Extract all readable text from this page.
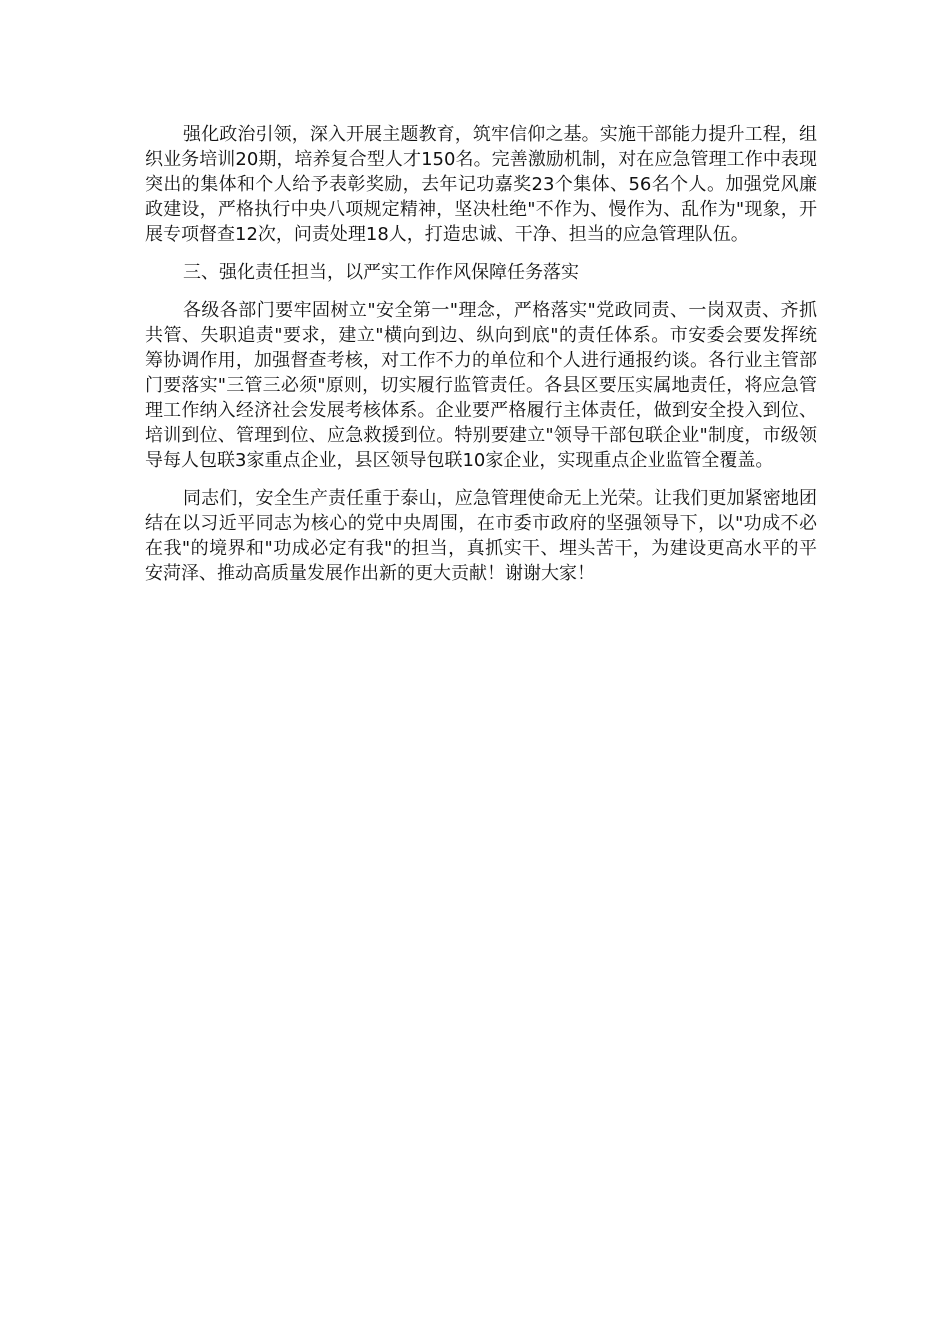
强化政治引领，深入开展主题教育，筑牢信仰之基。实施干部能力提升工程，组织业务培训20期，培养复合型人才150名。完善激励机制，对在应急管理工作中表现突出的集体和个人给予表彰奖励，去年记功嘉奖23个集体、56名个人。加强党风廉政建设，严格执行中央八项规定精神，坚决杜绝"不作为、慢作为、乱作为"现象，开展专项督查12次，问责处理18人，打造忠诚、干净、担当的应急管理队伍。

三、强化责任担当，以严实工作作风保障任务落实

各级各部门要牢固树立"安全第一"理念，严格落实"党政同责、一岗双责、齐抓共管、失职追责"要求，建立"横向到边、纵向到底"的责任体系。市安委会要发挥统筹协调作用，加强督查考核，对工作不力的单位和个人进行通报约谈。各行业主管部门要落实"三管三必须"原则，切实履行监管责任。各县区要压实属地责任，将应急管理工作纳入经济社会发展考核体系。企业要严格履行主体责任，做到安全投入到位、培训到位、管理到位、应急救援到位。特别要建立"领导干部包联企业"制度，市级领导每人包联3家重点企业，县区领导包联10家企业，实现重点企业监管全覆盖。

同志们，安全生产责任重于泰山，应急管理使命无上光荣。让我们更加紧密地团结在以习近平同志为核心的党中央周围，在市委市政府的坚强领导下，以"功成不必在我"的境界和"功成必定有我"的担当，真抓实干、埋头苦干，为建设更高水平的平安菏泽、推动高质量发展作出新的更大贡献！谢谢大家！
